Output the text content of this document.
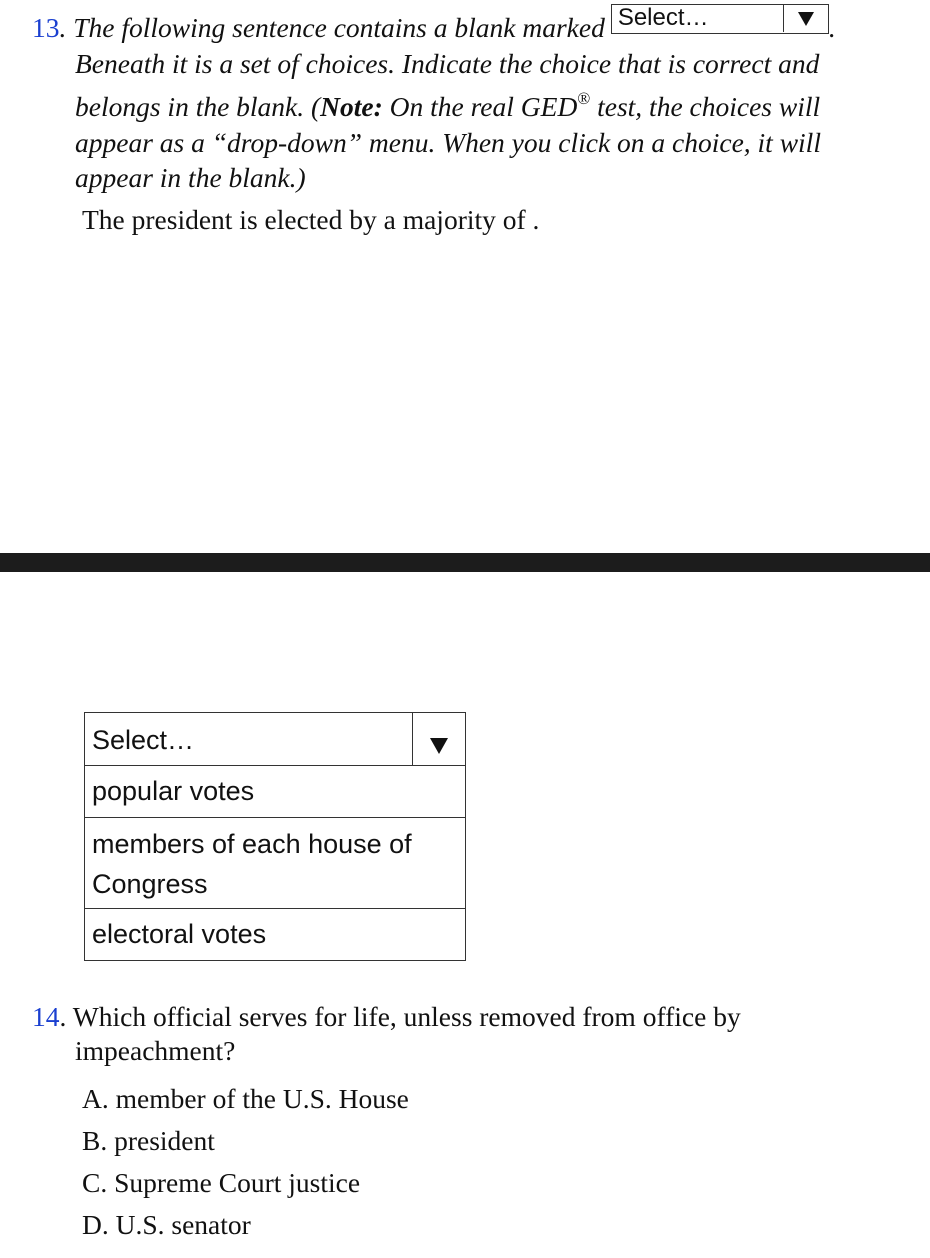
13. The following sentence contains a blank marked Select…	.
Beneath it is a set of choices. Indicate the choice that is correct and
belongs in the blank. (Note: On the real GED® test, the choices will
appear as a “drop-down” menu. When you click on a choice, it will
appear in the blank.)
The president is elected by a majority of .
Select…
popular votes
members of each house of
Congress
electoral votes
14. Which official serves for life, unless removed from office by
impeachment?
A. member of the U.S. House
B. president
C. Supreme Court justice
D. U.S. senator
